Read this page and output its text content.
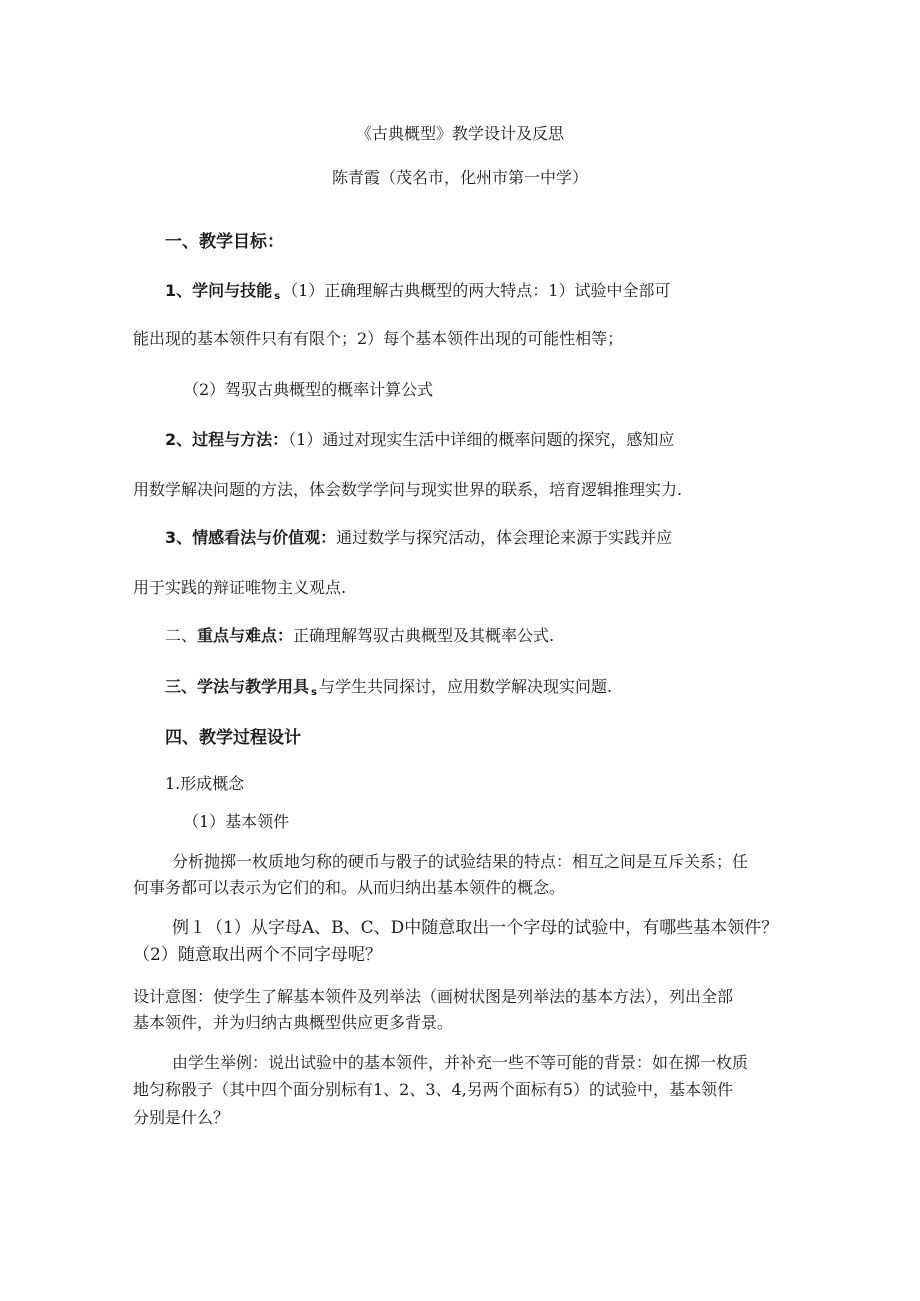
《古典概型》教学设计及反思

陈青霞（茂名市，化州市第一中学）

一、教学目标：

1、学问与技能 s （1）正确理解古典概型的两大特点：1）试验中全部可

能出现的基本领件只有有限个；2）每个基本领件出现的可能性相等；

（2）驾驭古典概型的概率计算公式

2、过程与方法：（1）通过对现实生活中详细的概率问题的探究，感知应

用数学解决问题的方法，体会数学学问与现实世界的联系，培育逻辑推理实力.

3、情感看法与价值观：通过数学与探究活动，体会理论来源于实践并应

用于实践的辩证唯物主义观点.

二、重点与难点：正确理解驾驭古典概型及其概率公式.

三、学法与教学用具 s 与学生共同探讨，应用数学解决现实问题.

四、教学过程设计

1.形成概念

（1）基本领件

分析抛掷一枚质地匀称的硬币与骰子的试验结果的特点：相互之间是互斥关系；任

何事务都可以表示为它们的和。从而归纳出基本领件的概念。

例１（1）从字母A、B、C、D中随意取出一个字母的试验中，有哪些基本领件？

（2）随意取出两个不同字母呢？

设计意图：使学生了解基本领件及列举法（画树状图是列举法的基本方法），列出全部

基本领件，并为归纳古典概型供应更多背景。

由学生举例：说出试验中的基本领件，并补充一些不等可能的背景：如在掷一枚质

地匀称骰子（其中四个面分别标有1、2、3、4,另两个面标有5）的试验中，基本领件

分别是什么？
